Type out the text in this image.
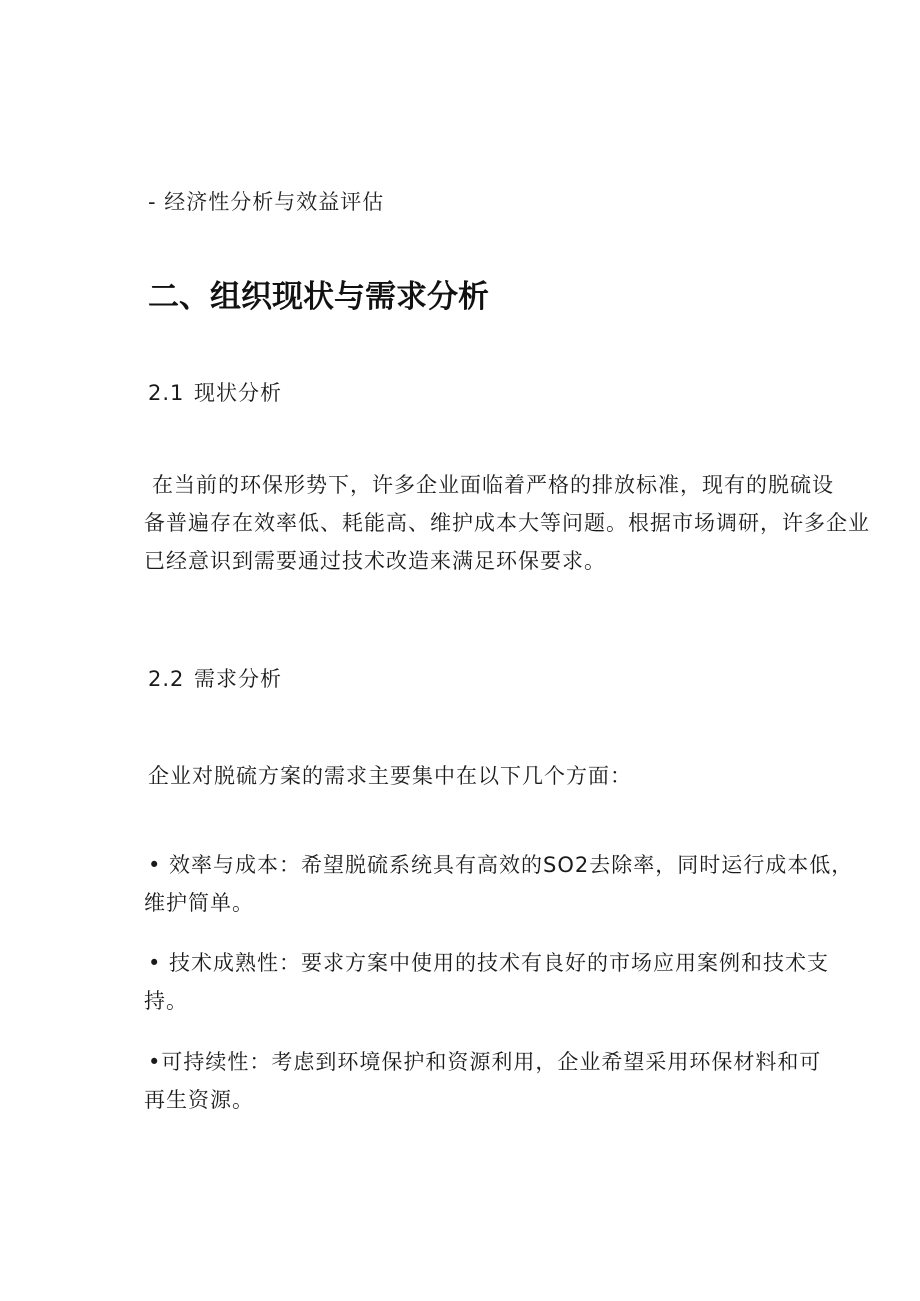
- 经济性分析与效益评估
二、组织现状与需求分析
2.1 现状分析

在当前的环保形势下，许多企业面临着严格的排放标准，现有的脱硫设

备普遍存在效率低、耗能高、维护成本大等问题。根据市场调研，许多企业

已经意识到需要通过技术改造来满足环保要求。

2.2 需求分析
企业对脱硫方案的需求主要集中在以下几个方面：

• 效率与成本：希望脱硫系统具有高效的SO2去除率，同时运行成本低，

维护简单。

• 技术成熟性：要求方案中使用的技术有良好的市场应用案例和技术支

持。

•可持续性：考虑到环境保护和资源利用，企业希望采用环保材料和可

再生资源。
